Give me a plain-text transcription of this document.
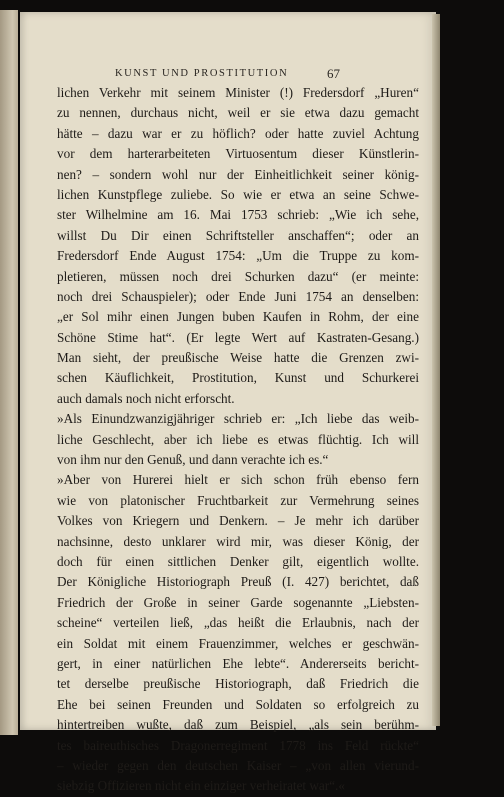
KUNST UND PROSTITUTION	67
lichen Verkehr mit seinem Minister (!) Fredersdorf „Huren“
zu nennen, durchaus nicht, weil er sie etwa dazu gemacht
hätte – dazu war er zu höflich? oder hatte zuviel Achtung
vor dem harterarbeiteten Virtuosentum dieser Künstlerin-
nen? – sondern wohl nur der Einheitlichkeit seiner könig-
lichen Kunstpflege zuliebe. So wie er etwa an seine Schwe-
ster Wilhelmine am 16. Mai 1753 schrieb: „Wie ich sehe,
willst Du Dir einen Schriftsteller anschaffen“; oder an
Fredersdorf Ende August 1754: „Um die Truppe zu kom-
pletieren, müssen noch drei Schurken dazu“ (er meinte:
noch drei Schauspieler); oder Ende Juni 1754 an denselben:
„er Sol mihr einen Jungen buben Kaufen in Rohm, der eine
Schöne Stime hat“. (Er legte Wert auf Kastraten-Gesang.)
Man sieht, der preußische Weise hatte die Grenzen zwi-
schen Käuflichkeit, Prostitution, Kunst und Schurkerei
auch damals noch nicht erforscht.
»Als Einundzwanzigjähriger schrieb er: „Ich liebe das weib-
liche Geschlecht, aber ich liebe es etwas flüchtig. Ich will
von ihm nur den Genuß, und dann verachte ich es.“
»Aber von Hurerei hielt er sich schon früh ebenso fern
wie von platonischer Fruchtbarkeit zur Vermehrung seines
Volkes von Kriegern und Denkern. – Je mehr ich darüber
nachsinne, desto unklarer wird mir, was dieser König, der
doch für einen sittlichen Denker gilt, eigentlich wollte.
Der Königliche Historiograph Preuß (I. 427) berichtet, daß
Friedrich der Große in seiner Garde sogenannte „Liebsten-
scheine“ verteilen ließ, „das heißt die Erlaubnis, nach der
ein Soldat mit einem Frauenzimmer, welches er geschwän-
gert, in einer natürlichen Ehe lebte“. Andererseits bericht-
tet derselbe preußische Historiograph, daß Friedrich die
Ehe bei seinen Freunden und Soldaten so erfolgreich zu
hintertreiben wußte, daß zum Beispiel, „als sein berühm-
tes baireuthisches Dragonerregiment 1778 ins Feld rückte“
– wieder gegen den deutschen Kaiser – „von allen vierund-
siebzig Offizieren nicht ein einziger verheiratet war“.«
